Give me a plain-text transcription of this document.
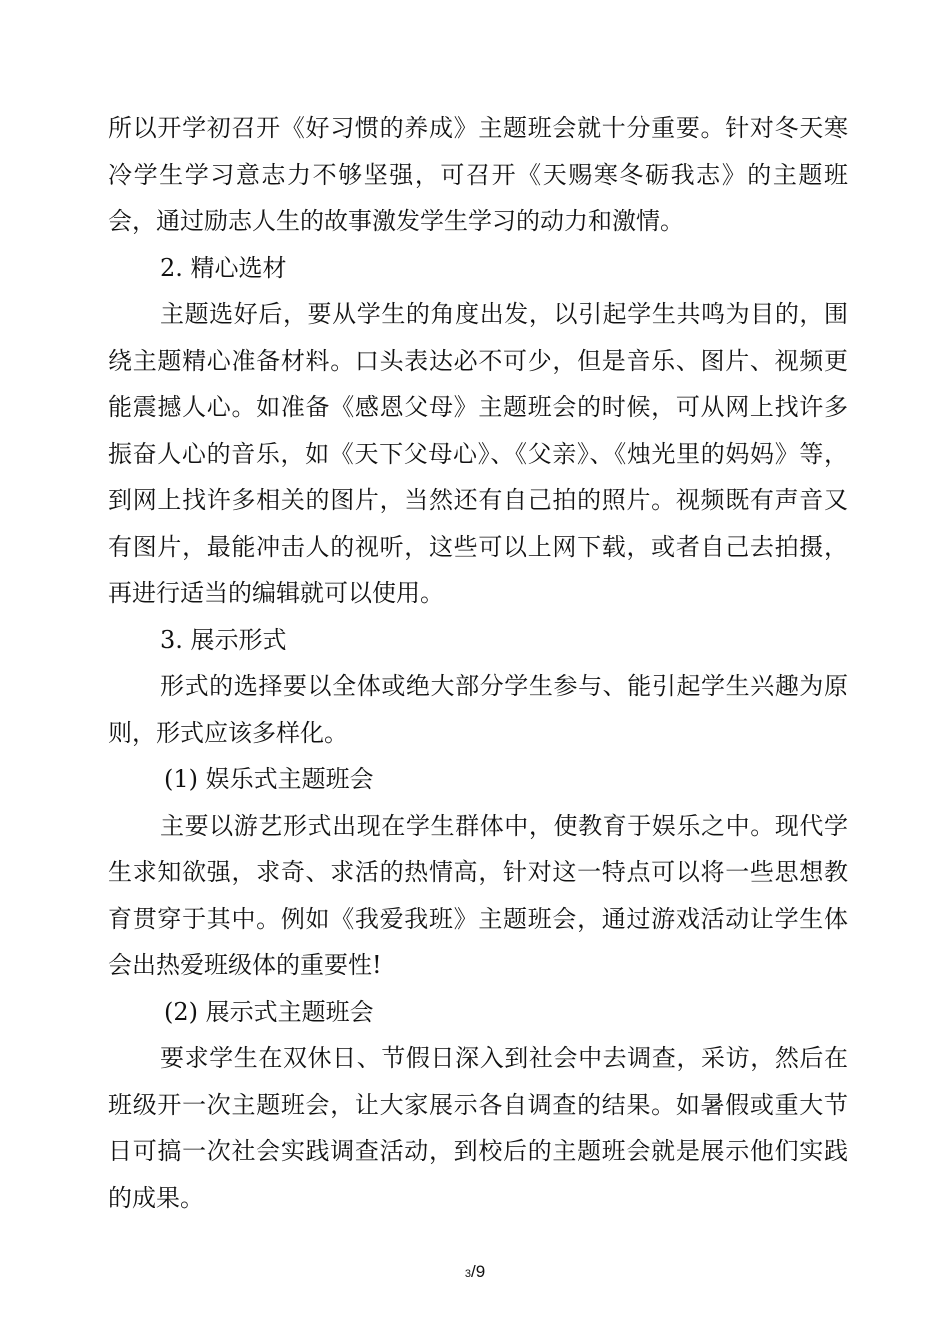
所以开学初召开《好习惯的养成》主题班会就十分重要。针对冬天寒冷学生学习意志力不够坚强，可召开《天赐寒冬砺我志》的主题班会，通过励志人生的故事激发学生学习的动力和激情。

2. 精心选材

主题选好后，要从学生的角度出发，以引起学生共鸣为目的，围绕主题精心准备材料。口头表达必不可少，但是音乐、图片、视频更能震撼人心。如准备《感恩父母》主题班会的时候，可从网上找许多振奋人心的音乐，如《天下父母心》、《父亲》、《烛光里的妈妈》等，到网上找许多相关的图片，当然还有自己拍的照片。视频既有声音又有图片，最能冲击人的视听，这些可以上网下载，或者自己去拍摄，再进行适当的编辑就可以使用。

3. 展示形式

形式的选择要以全体或绝大部分学生参与、能引起学生兴趣为原则，形式应该多样化。

(1) 娱乐式主题班会

主要以游艺形式出现在学生群体中，使教育于娱乐之中。现代学生求知欲强，求奇、求活的热情高，针对这一特点可以将一些思想教育贯穿于其中。例如《我爱我班》主题班会，通过游戏活动让学生体会出热爱班级体的重要性!

(2) 展示式主题班会

要求学生在双休日、节假日深入到社会中去调查，采访，然后在班级开一次主题班会，让大家展示各自调查的结果。如暑假或重大节日可搞一次社会实践调查活动，到校后的主题班会就是展示他们实践的成果。

3/9
